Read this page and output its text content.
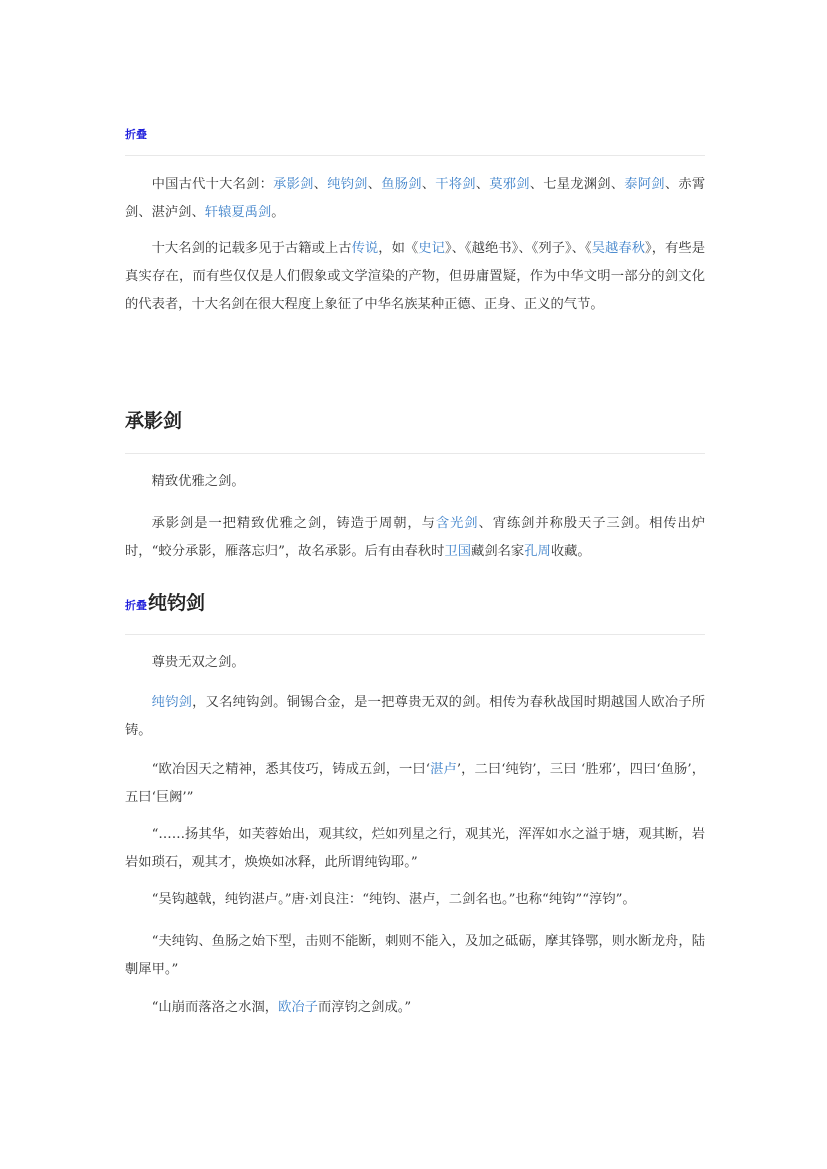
折叠

中国古代十大名剑：承影剑、纯钧剑、鱼肠剑、干将剑、莫邪剑、七星龙渊剑、泰阿剑、赤霄剑、湛泸剑、轩辕夏禹剑。

十大名剑的记载多见于古籍或上古传说，如《史记》、《越绝书》、《列子》、《吴越春秋》，有些是真实存在，而有些仅仅是人们假象或文学渲染的产物，但毋庸置疑，作为中华文明一部分的剑文化的代表者，十大名剑在很大程度上象征了中华名族某种正德、正身、正义的气节。

承影剑

精致优雅之剑。

承影剑是一把精致优雅之剑，铸造于周朝，与含光剑、宵练剑并称殷天子三剑。相传出炉时，“蛟分承影，雁落忘归”，故名承影。后有由春秋时卫国藏剑名家孔周收藏。

折叠纯钧剑

尊贵无双之剑。

纯钧剑，又名纯钩剑。铜锡合金，是一把尊贵无双的剑。相传为春秋战国时期越国人欧冶子所铸。

“欧冶因天之精神，悉其伎巧，铸成五剑，一曰‘湛卢’，二曰‘纯钧’，三曰 ‘胜邪’，四曰‘鱼肠’， 五曰‘巨阙’”

“……扬其华，如芙蓉始出，观其纹，烂如列星之行，观其光，浑浑如水之溢于塘，观其断，岩岩如琐石，观其才，焕焕如冰释，此所谓纯钩耶。”

“吴钩越戟，纯钧湛卢。”唐·刘良注：“纯钧、湛卢，二剑名也。”也称“纯钩”“淳钧”。

“夫纯钩、鱼肠之始下型，击则不能断，刺则不能入，及加之砥砺，摩其锋鄂，则水断龙舟，陆剸犀甲。”

“山崩而落洛之水涸，欧冶子而淳钧之剑成。”
